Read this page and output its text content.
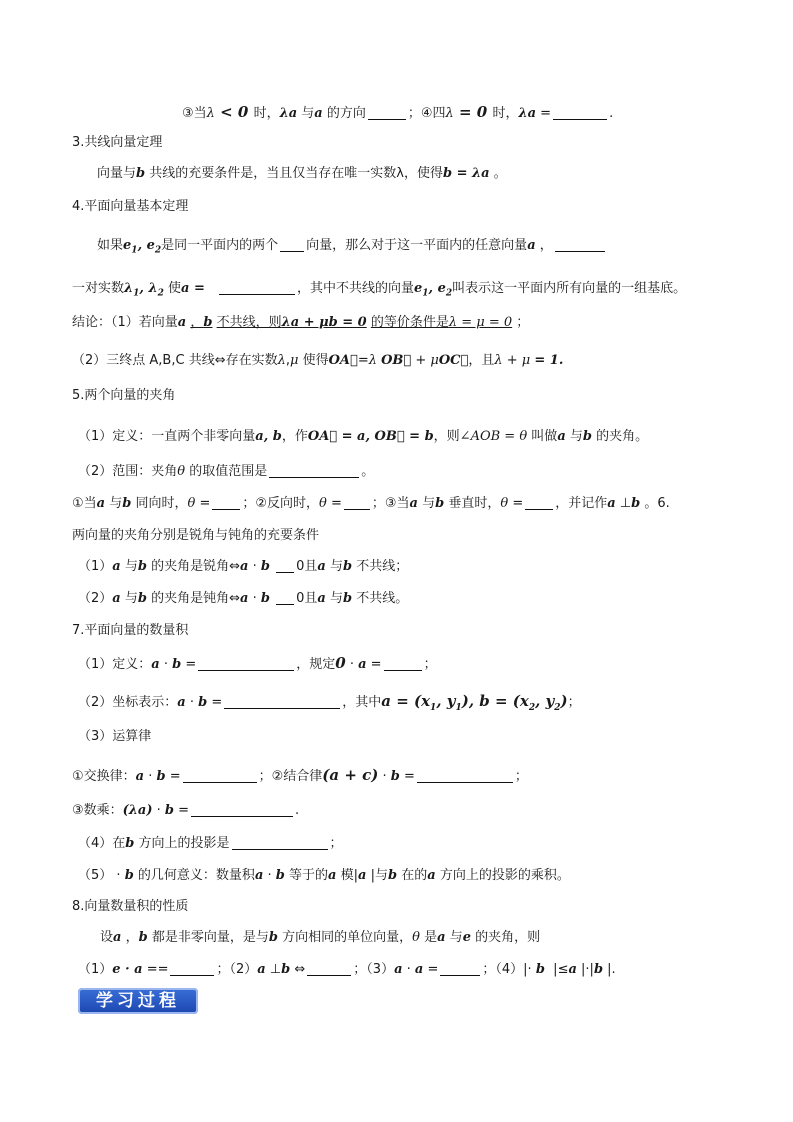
③当λ < 0 时，λa 与a 的方向	；④四λ = 0 时，λa =	.
3.共线向量定理
向量与b 共线的充要条件是，当且仅当存在唯一实数λ，使得b = λa 。
4.平面向量基本定理
如果$e_1$, $e_2$是同一平面内的两个 向量，那么对于这一平面内的任意向量a ，
一对实数$\lambda_1$, $\lambda_2$ 使a =	，其中不共线的向量$e_1$, $e_2$叫表示这一平面内所有向量的一组基底。
结论：（1）若向量a ，b 不共线，则λa + μb = 0 的等价条件是λ = μ = 0 ；
（2）三终点 A,B,C 共线⇔存在实数λ,μ 使得OA⃗=λ OB⃗ + μOC⃗，且λ + μ = 1.
5.两个向量的夹角
（1）定义：一直两个非零向量a, b，作OA⃗ = a, OB⃗ = b，则∠AOB = θ 叫做a 与b 的夹角。
（2）范围：夹角θ 的取值范围是	。
①当a 与b 同向时，θ = ；②反向时，θ = ；③当a 与b 垂直时，θ = ，并记作a ⊥b 。6.
两向量的夹角分别是锐角与钝角的充要条件
（1）a 与b 的夹角是锐角⇔a · b 0且a 与b 不共线；
（2）a 与b 的夹角是钝角⇔a · b 0且a 与b 不共线。
7.平面向量的数量积
（1）定义：a · b =	，规定0 · a =	；
（2）坐标表示：a · b =	，其中$a = (x_1$, $y_1$), $b = (x_2$, $y_2$)；
（3）运算律
①交换律：a · b =	；②结合律(a + c) · b =	；
③数乘：(λa) · b =	.
（4）在b 方向上的投影是	；
（5） · b 的几何意义：数量积a · b 等于的a 模|a |与b 在的a 方向上的投影的乘积。
8.向量数量积的性质
设a ，b 都是非零向量，是与b 方向相同的单位向量，θ 是a 与e 的夹角，则
（1）e · a ==	；（2）a ⊥b ⇔	；（3）a · a =	；（4）|· b  |≤a |·|b |.
学习过程
